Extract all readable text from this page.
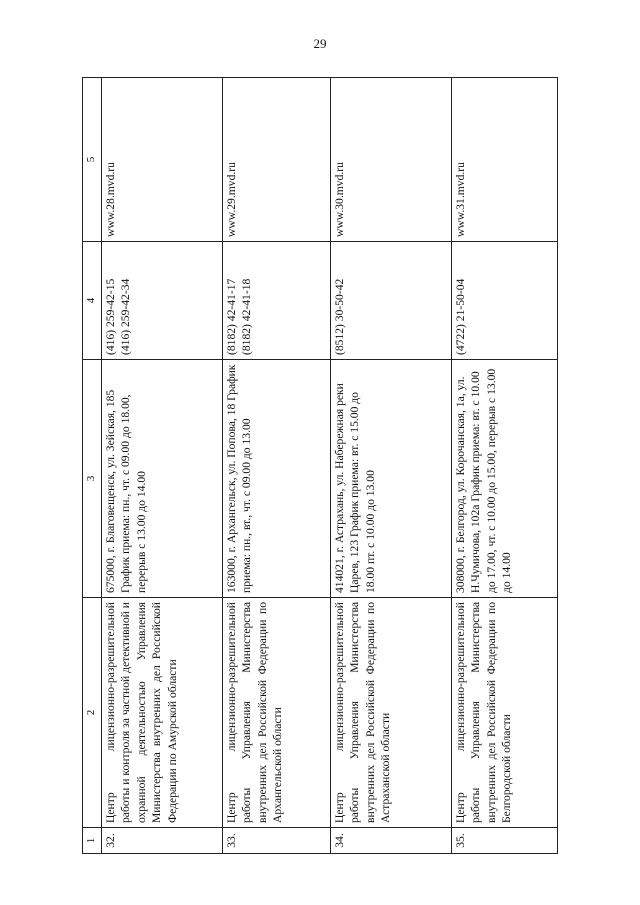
29
1	2	3	4	5
32.	Центр лицензионно-разрешительной работы и контроля за частной детективной и охранной деятельностью Управления Министерства внутренних дел Российской Федерации по Амурской области	675000, г. Благовещенск, ул. Зейская, 185 График приема: пн., чт. с 09.00 до 18.00, перерыв с 13.00 до 14.00	(416) 259-42-15 (416) 259-42-34	www.28.mvd.ru
33.	Центр лицензионно-разрешительной работы Управления Министерства внутренних дел Российской Федерации по Архангельской области	163000, г. Архангельск, ул. Попова, 18 График приема: пн., вт., чт. с 09.00 до 13.00	(8182) 42-41-17 (8182) 42-41-18	www.29.mvd.ru
34.	Центр лицензионно-разрешительной работы Управления Министерства внутренних дел Российской Федерации по Астраханской области	414021, г. Астрахань, ул. Набережная реки Царев, 123 График приема: вт. с 15.00 до 18.00 пт. с 10.00 до 13.00	(8512) 30-50-42	www.30.mvd.ru
35.	Центр лицензионно-разрешительной работы Управления Министерства внутренних дел Российской Федерации по Белгородской области	308000, г. Белгород, ул. Корочанская, 1а, ул. Н.Чумичова, 102а График приема: вт. с 10.00 до 17.00, чт. с 10.00 до 15.00, перерыв с 13.00 до 14.00	(4722) 21-50-04	www.31.mvd.ru
